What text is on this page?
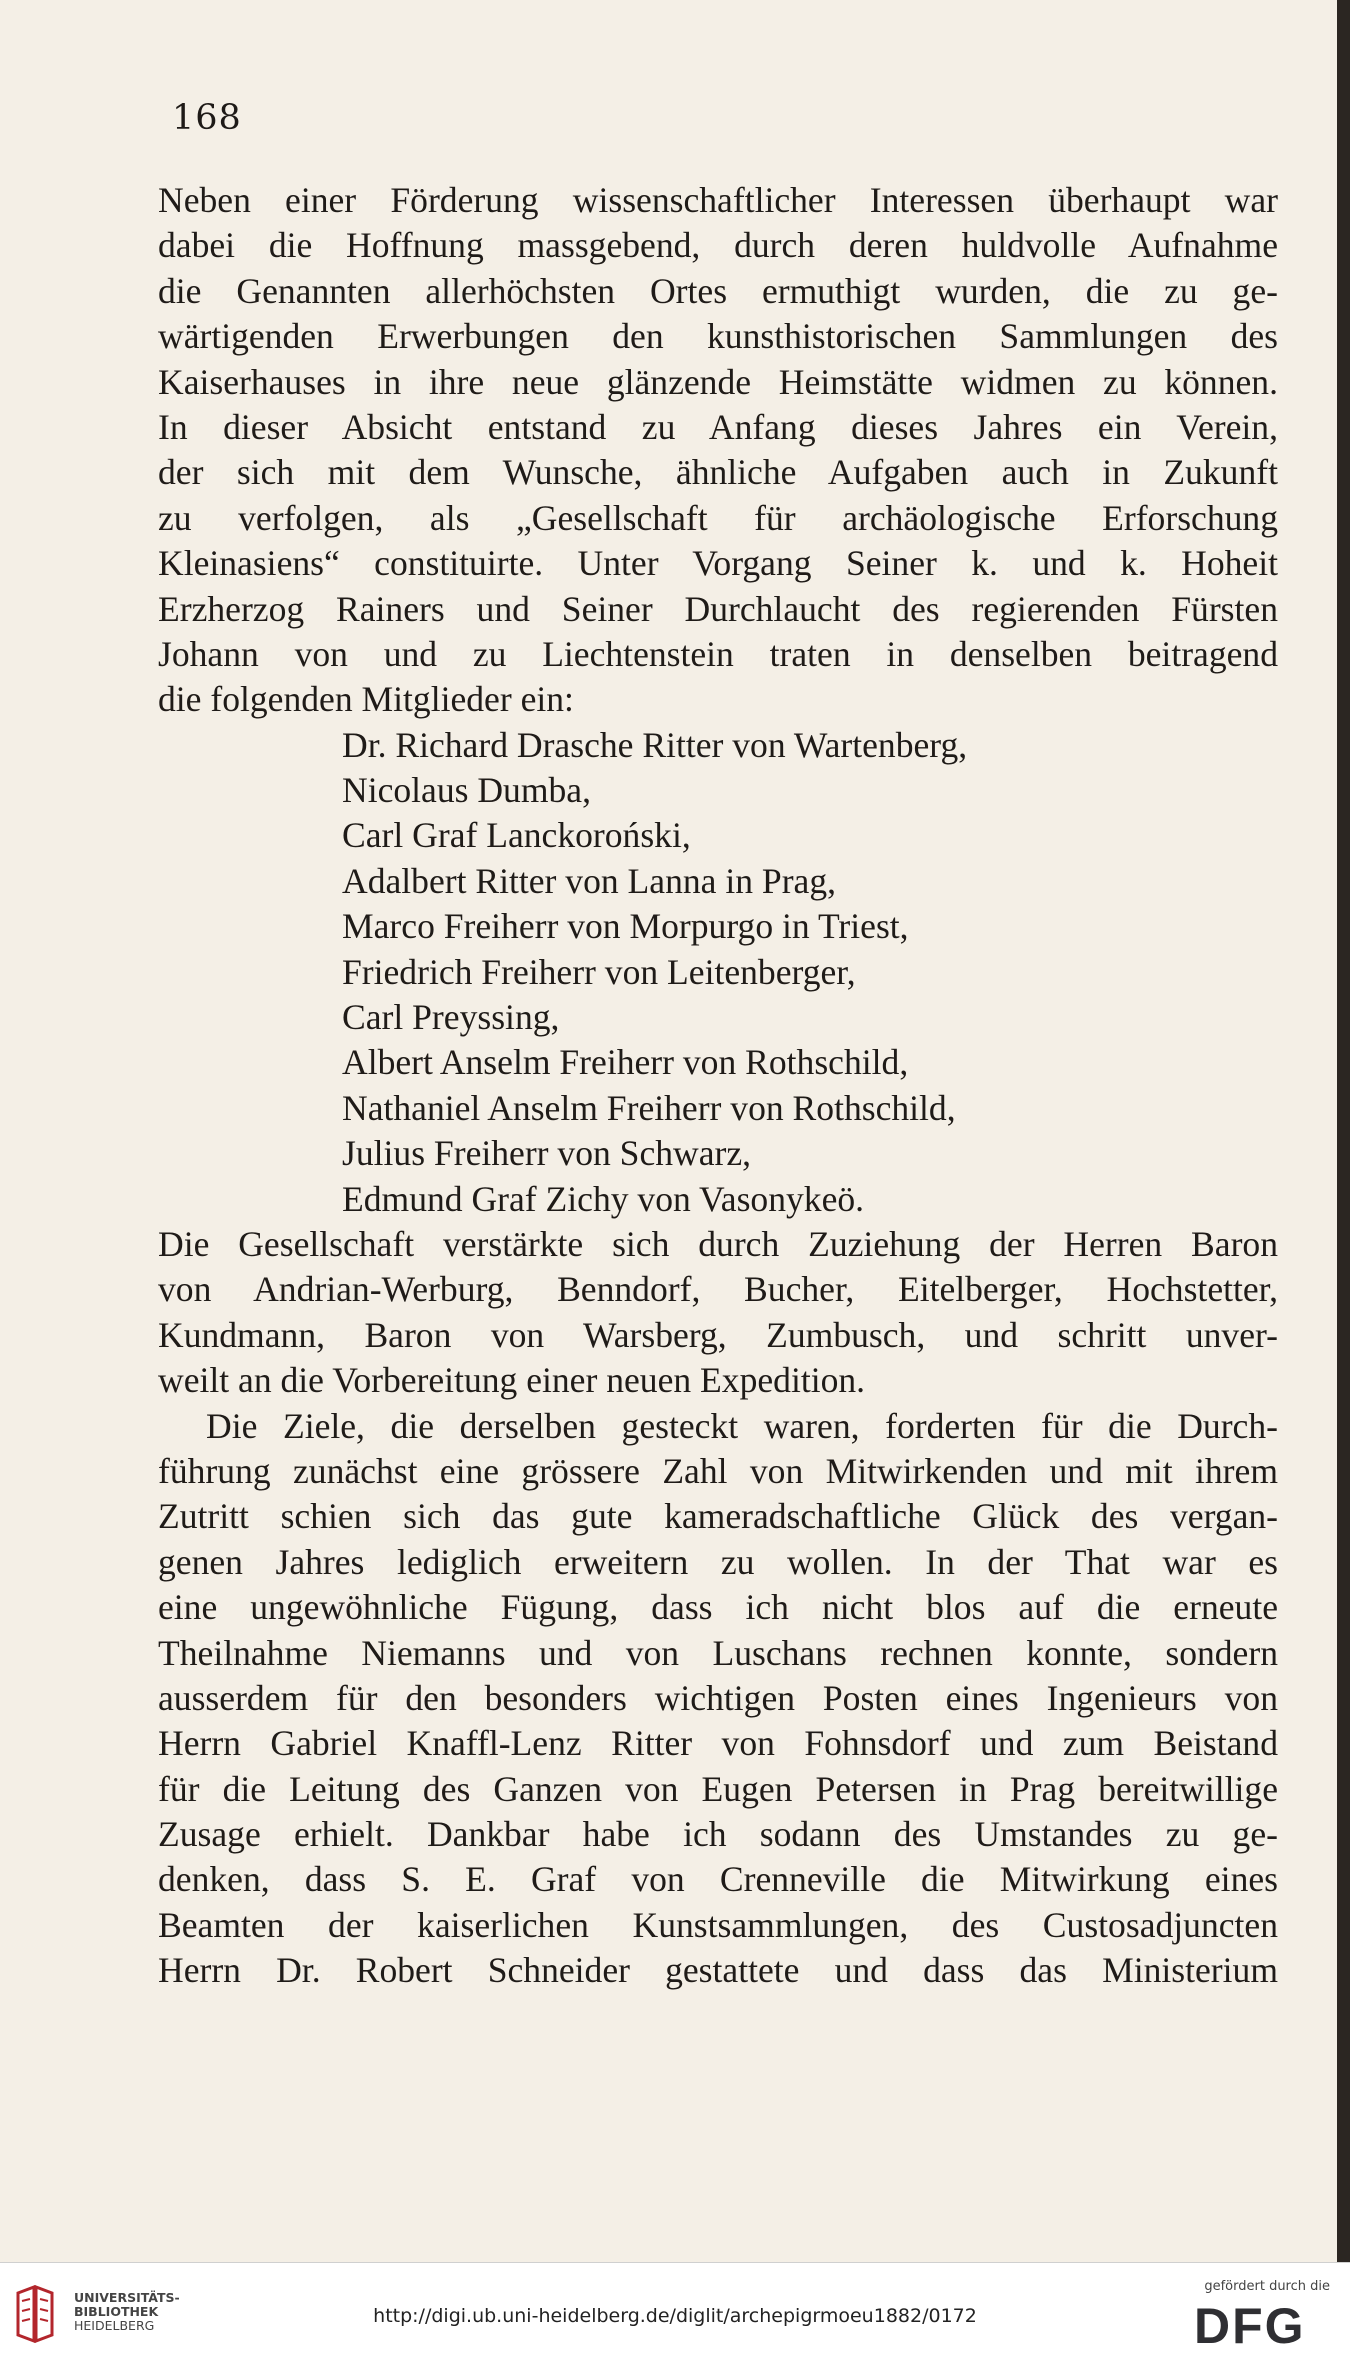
168
Neben einer Förderung wissenschaftlicher Interessen überhaupt war
dabei die Hoffnung massgebend, durch deren huldvolle Aufnahme
die Genannten allerhöchsten Ortes ermuthigt wurden, die zu ge-
wärtigenden Erwerbungen den kunsthistorischen Sammlungen des
Kaiserhauses in ihre neue glänzende Heimstätte widmen zu können.
In dieser Absicht entstand zu Anfang dieses Jahres ein Verein,
der sich mit dem Wunsche, ähnliche Aufgaben auch in Zukunft
zu verfolgen, als „Gesellschaft für archäologische Erforschung
Kleinasiens“ constituirte. Unter Vorgang Seiner k. und k. Hoheit
Erzherzog Rainers und Seiner Durchlaucht des regierenden Fürsten
Johann von und zu Liechtenstein traten in denselben beitragend
die folgenden Mitglieder ein:
Dr. Richard Drasche Ritter von Wartenberg,
Nicolaus Dumba,
Carl Graf Lanckoroński,
Adalbert Ritter von Lanna in Prag,
Marco Freiherr von Morpurgo in Triest,
Friedrich Freiherr von Leitenberger,
Carl Preyssing,
Albert Anselm Freiherr von Rothschild,
Nathaniel Anselm Freiherr von Rothschild,
Julius Freiherr von Schwarz,
Edmund Graf Zichy von Vasonykeö.
Die Gesellschaft verstärkte sich durch Zuziehung der Herren Baron
von Andrian-Werburg, Benndorf, Bucher, Eitelberger, Hochstetter,
Kundmann, Baron von Warsberg, Zumbusch, und schritt unver-
weilt an die Vorbereitung einer neuen Expedition.
Die Ziele, die derselben gesteckt waren, forderten für die Durch-
führung zunächst eine grössere Zahl von Mitwirkenden und mit ihrem
Zutritt schien sich das gute kameradschaftliche Glück des vergan-
genen Jahres lediglich erweitern zu wollen. In der That war es
eine ungewöhnliche Fügung, dass ich nicht blos auf die erneute
Theilnahme Niemanns und von Luschans rechnen konnte, sondern
ausserdem für den besonders wichtigen Posten eines Ingenieurs von
Herrn Gabriel Knaffl-Lenz Ritter von Fohnsdorf und zum Beistand
für die Leitung des Ganzen von Eugen Petersen in Prag bereitwillige
Zusage erhielt. Dankbar habe ich sodann des Umstandes zu ge-
denken, dass S. E. Graf von Crenneville die Mitwirkung eines
Beamten der kaiserlichen Kunstsammlungen, des Custosadjuncten
Herrn Dr. Robert Schneider gestattete und dass das Ministerium
UNIVERSITÄTS-
BIBLIOTHEK
HEIDELBERG	http://digi.ub.uni-heidelberg.de/diglit/archepigrmoeu1882/0172
gefördert durch die
DFG
